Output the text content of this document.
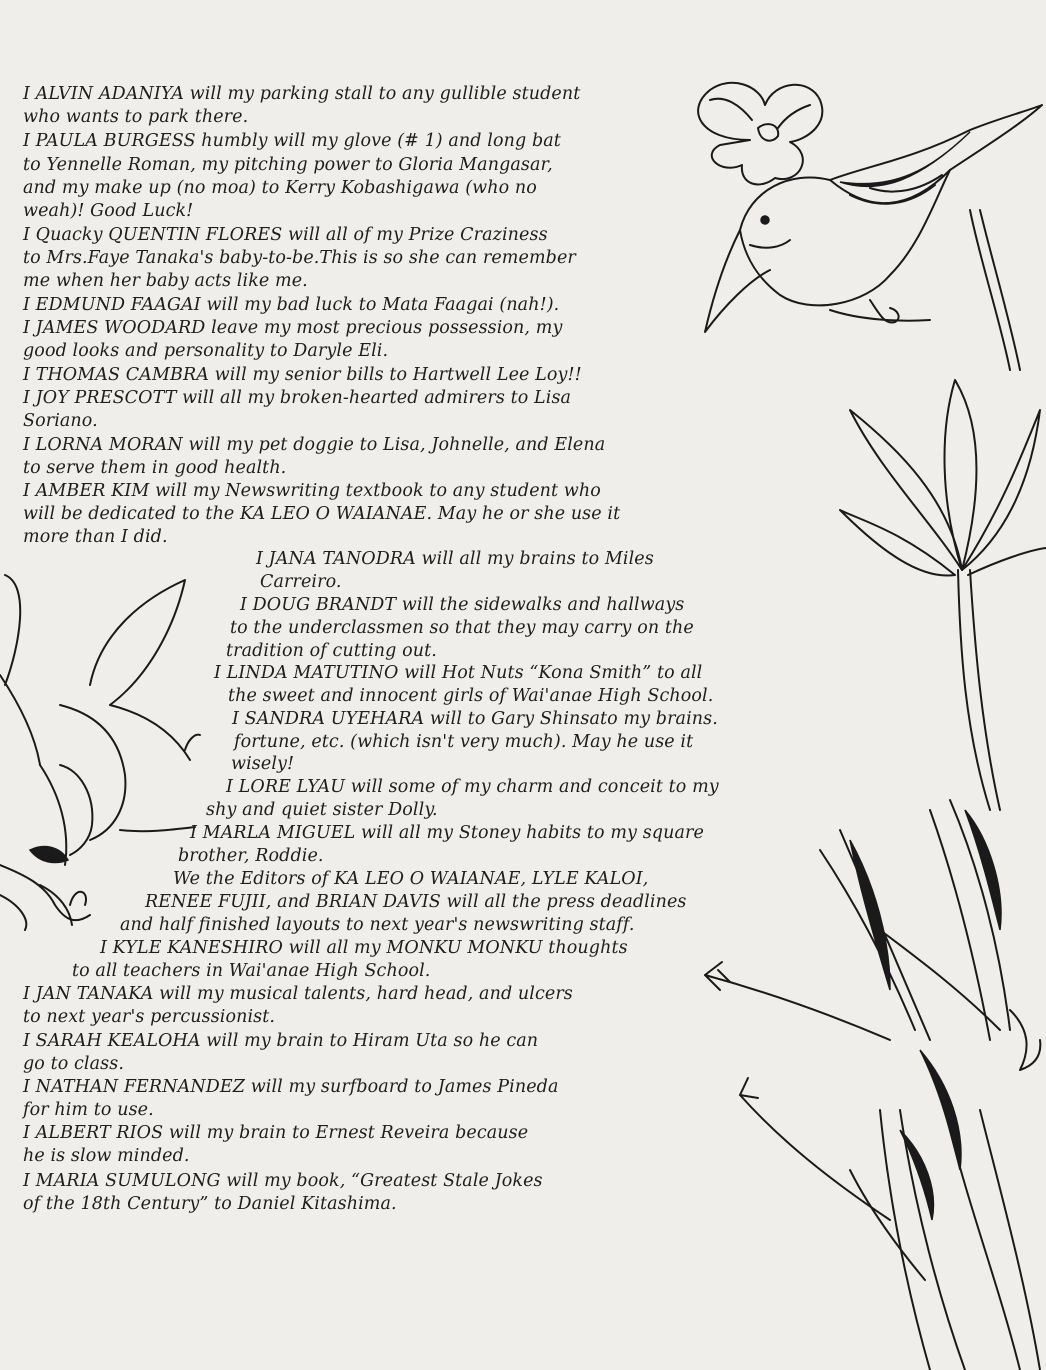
I ALVIN ADANIYA will my parking stall to any gullible student
who wants to park there.
I PAULA BURGESS humbly will my glove (# 1) and long bat
to Yennelle Roman, my pitching power to Gloria Mangasar,
and my make up (no moa) to Kerry Kobashigawa (who no
weah)! Good Luck!
I Quacky QUENTIN FLORES will all of my Prize Craziness
to Mrs.Faye Tanaka's baby-to-be.This is so she can remember
me when her baby acts like me.
I EDMUND FAAGAI will my bad luck to Mata Faagai (nah!).
I JAMES WOODARD leave my most precious possession, my
good looks and personality to Daryle Eli.
I THOMAS CAMBRA will my senior bills to Hartwell Lee Loy!!
I JOY PRESCOTT will all my broken-hearted admirers to Lisa
Soriano.
I LORNA MORAN will my pet doggie to Lisa, Johnelle, and Elena
to serve them in good health.
I AMBER KIM will my Newswriting textbook to any student who
will be dedicated to the KA LEO O WAIANAE. May he or she use it
more than I did.
I JANA TANODRA will all my brains to Miles
Carreiro.
I DOUG BRANDT will the sidewalks and hallways
to the underclassmen so that they may carry on the
tradition of cutting out.
I LINDA MATUTINO will Hot Nuts “Kona Smith” to all
the sweet and innocent girls of Wai'anae High School.
I SANDRA UYEHARA will to Gary Shinsato my brains.
fortune, etc. (which isn't very much). May he use it
wisely!
I LORE LYAU will some of my charm and conceit to my
shy and quiet sister Dolly.
I MARLA MIGUEL will all my Stoney habits to my square
brother, Roddie.
We the Editors of KA LEO O WAIANAE, LYLE KALOI,
RENEE FUJII, and BRIAN DAVIS will all the press deadlines
and half finished layouts to next year's newswriting staff.
I KYLE KANESHIRO will all my MONKU MONKU thoughts
to all teachers in Wai'anae High School.
I JAN TANAKA will my musical talents, hard head, and ulcers
to next year's percussionist.
I SARAH KEALOHA will my brain to Hiram Uta so he can
go to class.
I NATHAN FERNANDEZ will my surfboard to James Pineda
for him to use.
I ALBERT RIOS will my brain to Ernest Reveira because
he is slow minded.
I MARIA SUMULONG will my book, “Greatest Stale Jokes
of the 18th Century” to Daniel Kitashima.
